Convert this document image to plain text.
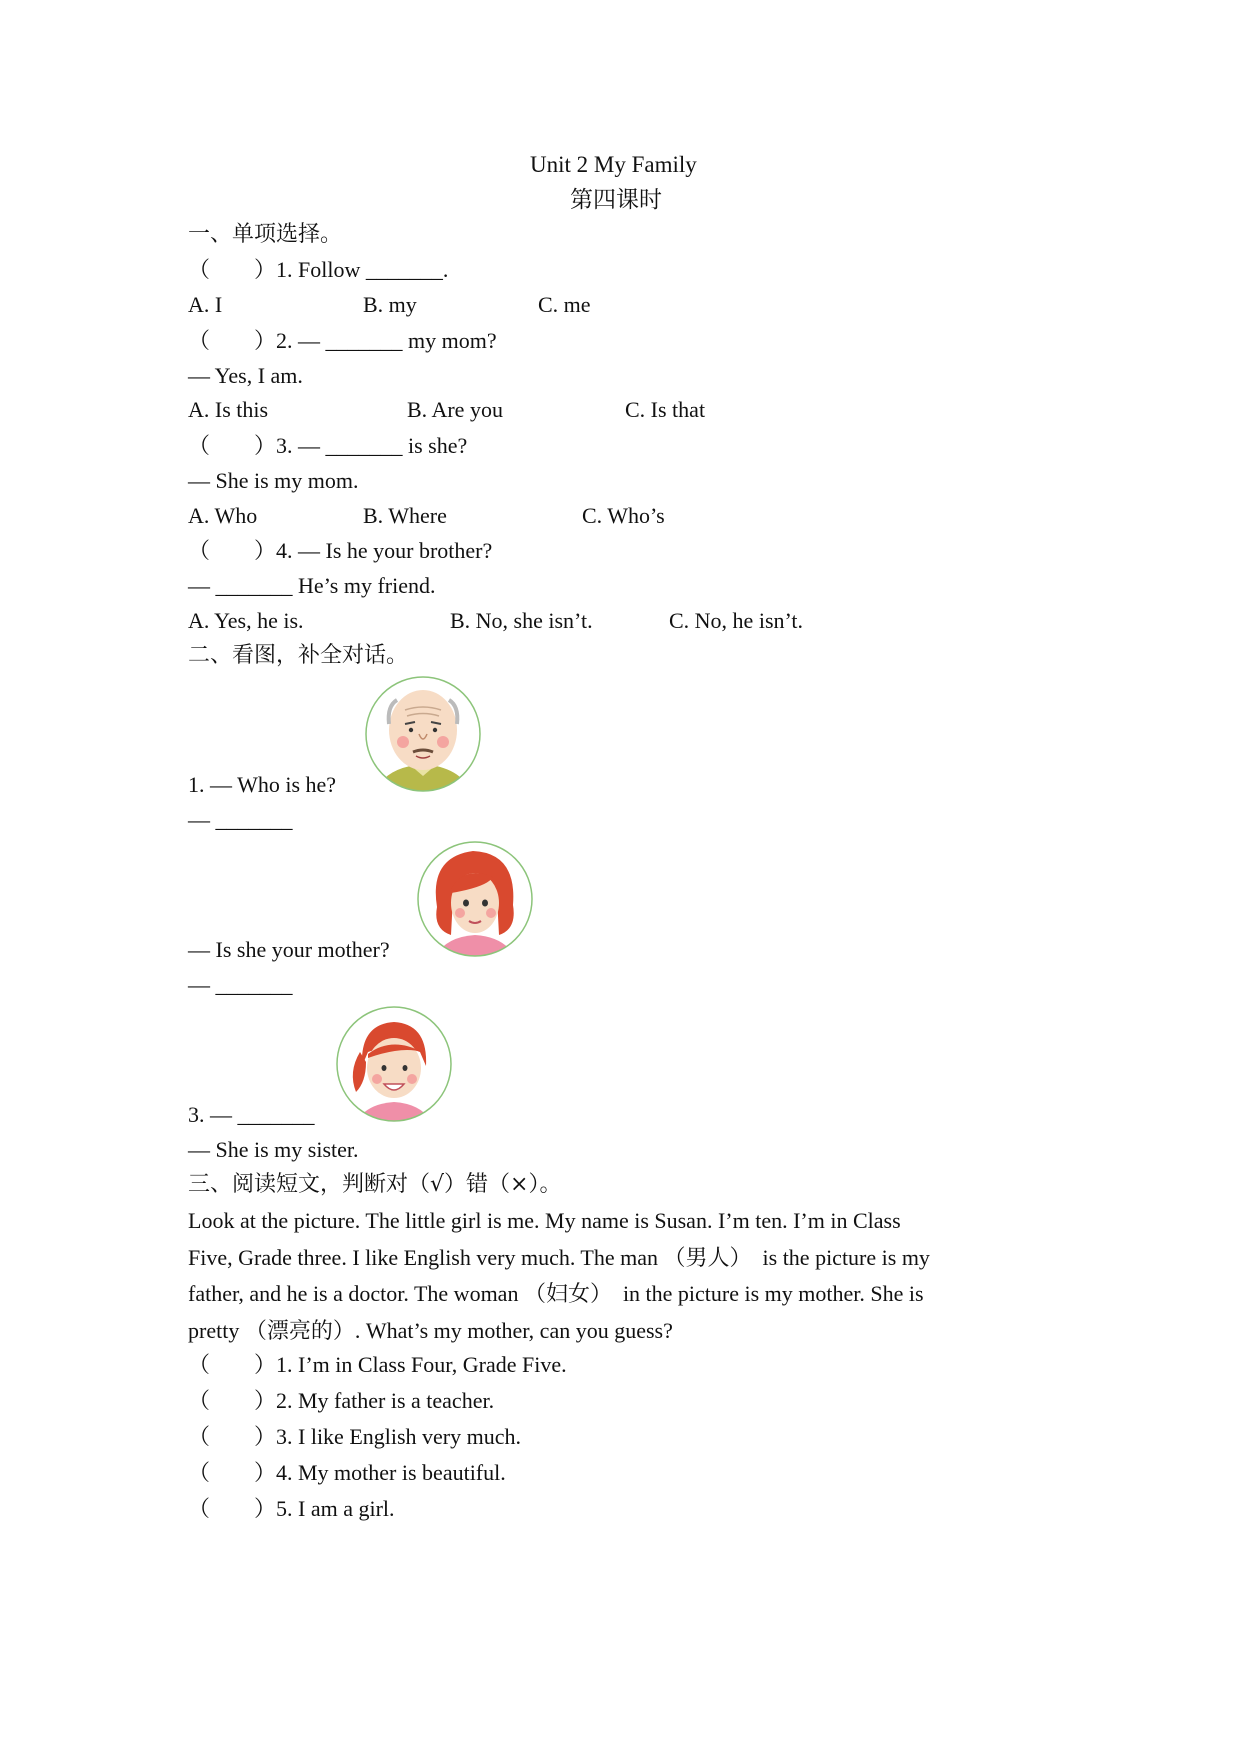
Unit 2 My Family
第四课时
一、单项选择。
（　　）1. Follow _______.
A. I	B. my	C. me
（　　）2. — _______ my mom?
— Yes, I am.
A. Is this	B. Are you	C. Is that
（　　）3. — _______ is she?
— She is my mom.
A. Who	B. Where	C. Who’s
（　　）4. — Is he your brother?
— _______ He’s my friend.
A. Yes, he is.	B. No, she isn’t.	C. No, he isn’t.
二、看图，补全对话。
1. — Who is he?
— _______
— Is she your mother?
— _______
3. — _______
— She is my sister.
三、阅读短文，判断对（√）错（×）。

Look at the picture. The little girl is me. My name is Susan. I’m ten. I’m in Class

Five, Grade three. I like English very much. The man （男人）  is the picture is my

father, and he is a doctor. The woman （妇女）  in the picture is my mother. She is

pretty （漂亮的）. What’s my mother, can you guess?

（　　）1. I’m in Class Four, Grade Five.
（　　）2. My father is a teacher.
（　　）3. I like English very much.
（　　）4. My mother is beautiful.
（　　）5. I am a girl.
